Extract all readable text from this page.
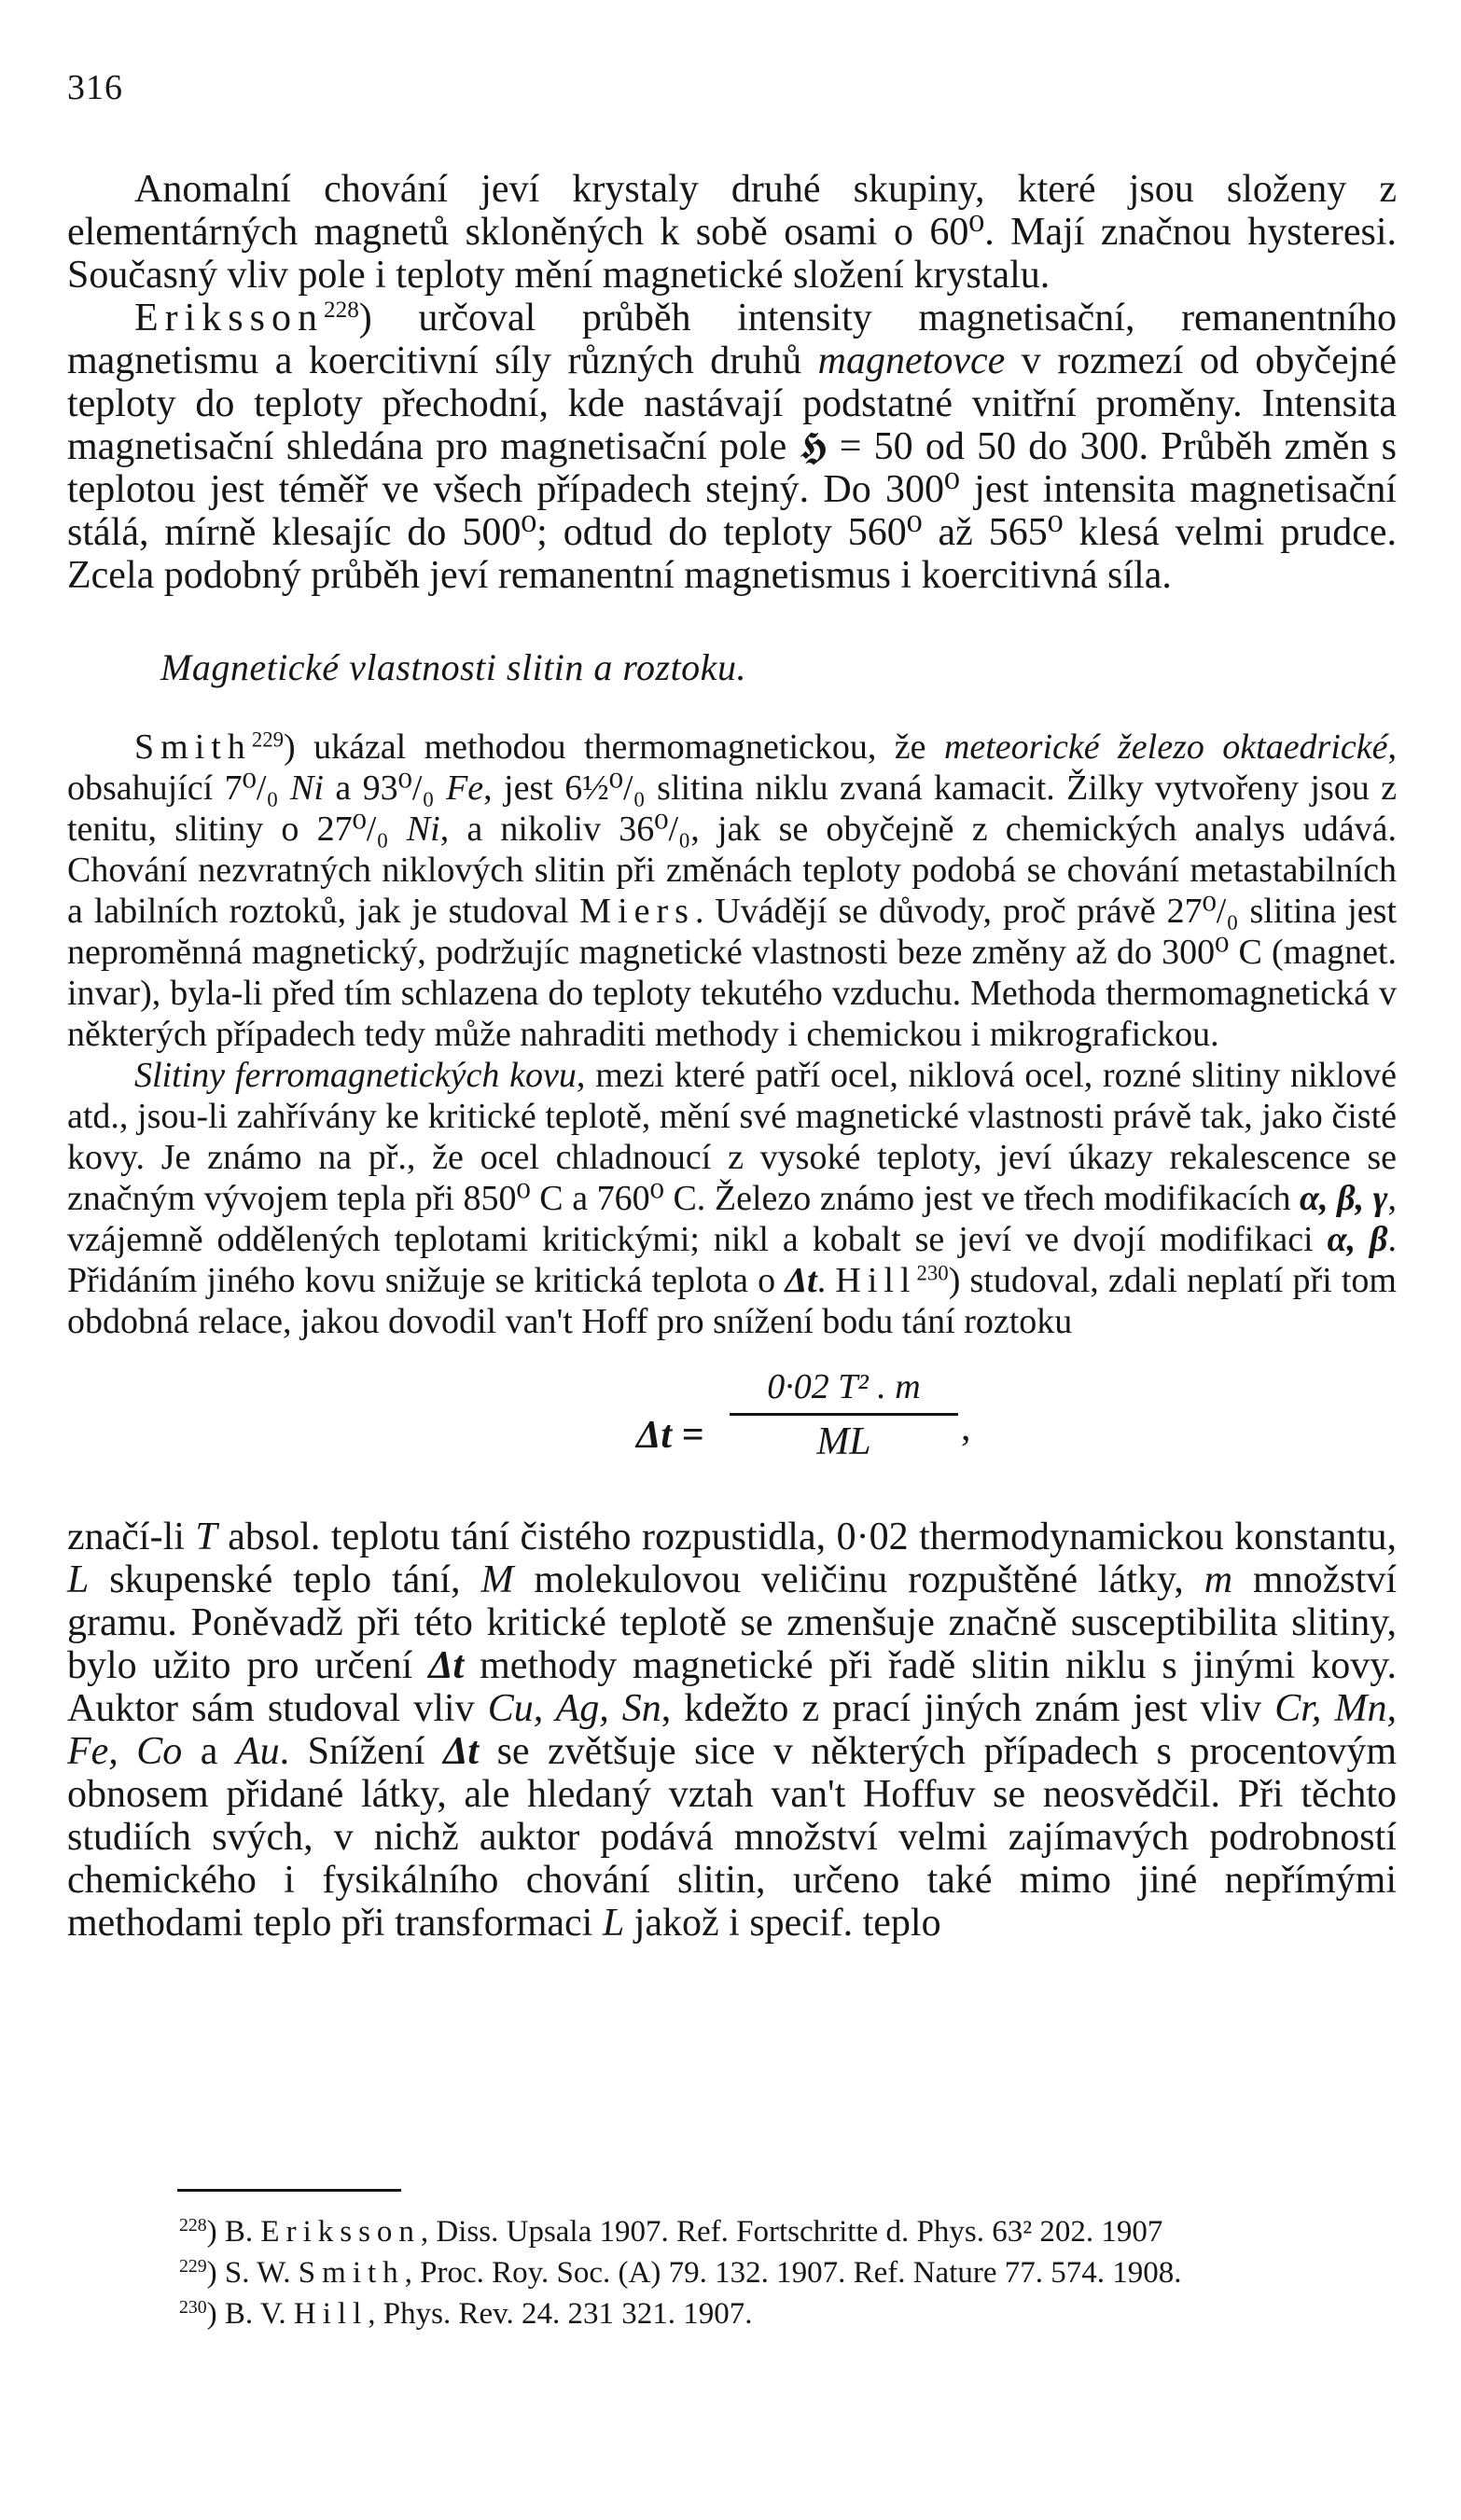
316

Anomalní chování jeví krystaly druhé skupiny, které jsou složeny z elementárných magnetů skloněných k sobě osami o 60⁰. Mají značnou hysteresi. Současný vliv pole i teploty mění magnetické složení krystalu.

Eriksson$^{228}$) určoval průběh intensity magnetisační, remanentního magnetismu a koercitivní síly různých druhů magnetovce v rozmezí od obyčejné teploty do teploty přechodní, kde nastávají podstatné vnitřní proměny. Intensita magnetisační shledána pro magnetisační pole 𝕳 = 50 od 50 do 300. Průběh změn s teplotou jest téměř ve všech případech stejný. Do 300⁰ jest intensita magnetisační stálá, mírně klesajíc do 500⁰; odtud do teploty 560⁰ až 565⁰ klesá velmi prudce. Zcela podobný průběh jeví remanentní magnetismus i koercitivná síla.

Magnetické vlastnosti slitin a roztoku.

Smith$^{229}$) ukázal methodou thermomagnetickou, že meteorické železo oktaedrické, obsahující 7⁰/₀ Ni a 93⁰/₀ Fe, jest 6½⁰/₀ slitina niklu zvaná kamacit. Žilky vytvořeny jsou z tenitu, slitiny o 27⁰/₀ Ni, a nikoliv 36⁰/₀, jak se obyčejně z chemických analys udává. Chování nezvratných niklových slitin při změnách teploty podobá se chování metastabilních a labilních roztoků, jak je studoval Miers. Uvádějí se důvody, proč právě 27⁰/₀ slitina jest nepromĕnná magnetický, podržujíc magnetické vlastnosti beze změny až do 300⁰ C (magnet. invar), byla-li před tím schlazena do teploty tekutého vzduchu. Methoda thermomagnetická v některých případech tedy může nahraditi methody i chemickou i mikrografickou.

Slitiny ferromagnetických kovu, mezi které patří ocel, niklová ocel, rozné slitiny niklové atd., jsou-li zahřívány ke kritické teplotě, mění své magnetické vlastnosti právě tak, jako čisté kovy. Je známo na př., že ocel chladnoucí z vysoké teploty, jeví úkazy rekalescence se značným vývojem tepla při 850⁰ C a 760⁰ C. Železo známo jest ve třech modifikacích α, β, γ, vzájemně oddělených teplotami kritickými; nikl a kobalt se jeví ve dvojí modifikaci α, β. Přidáním jiného kovu snižuje se kritická teplota o Δt. Hill$^{230}$) studoval, zdali neplatí při tom obdobná relace, jakou dovodil van't Hoff pro snížení bodu tání roztoku

Δt =
0·02 T² . m
ML	,

značí-li T absol. teplotu tání čistého rozpustidla, 0·02 thermodynamickou konstantu, L skupenské teplo tání, M molekulovou veličinu rozpuštěné látky, m množství gramu. Poněvadž při této kritické teplotě se zmenšuje značně susceptibilita slitiny, bylo užito pro určení Δt methody magnetické při řadě slitin niklu s jinými kovy. Auktor sám studoval vliv Cu, Ag, Sn, kdežto z prací jiných znám jest vliv Cr, Mn, Fe, Co a Au. Snížení Δt se zvětšuje sice v některých případech s procentovým obnosem přidané látky, ale hledaný vztah van't Hoffuv se neosvědčil. Při těchto studiích svých, v nichž auktor podává množství velmi zajímavých podrobností chemického i fysikálního chování slitin, určeno také mimo jiné nepřímými methodami teplo při transformaci L jakož i specif. teplo

$^{228}$) B. Eriksson, Diss. Upsala 1907. Ref. Fortschritte d. Phys. 63² 202. 1907

$^{229}$) S. W. Smith, Proc. Roy. Soc. (A) 79. 132. 1907. Ref. Nature 77. 574. 1908.

$^{230}$) B. V. Hill, Phys. Rev. 24. 231 321. 1907.
